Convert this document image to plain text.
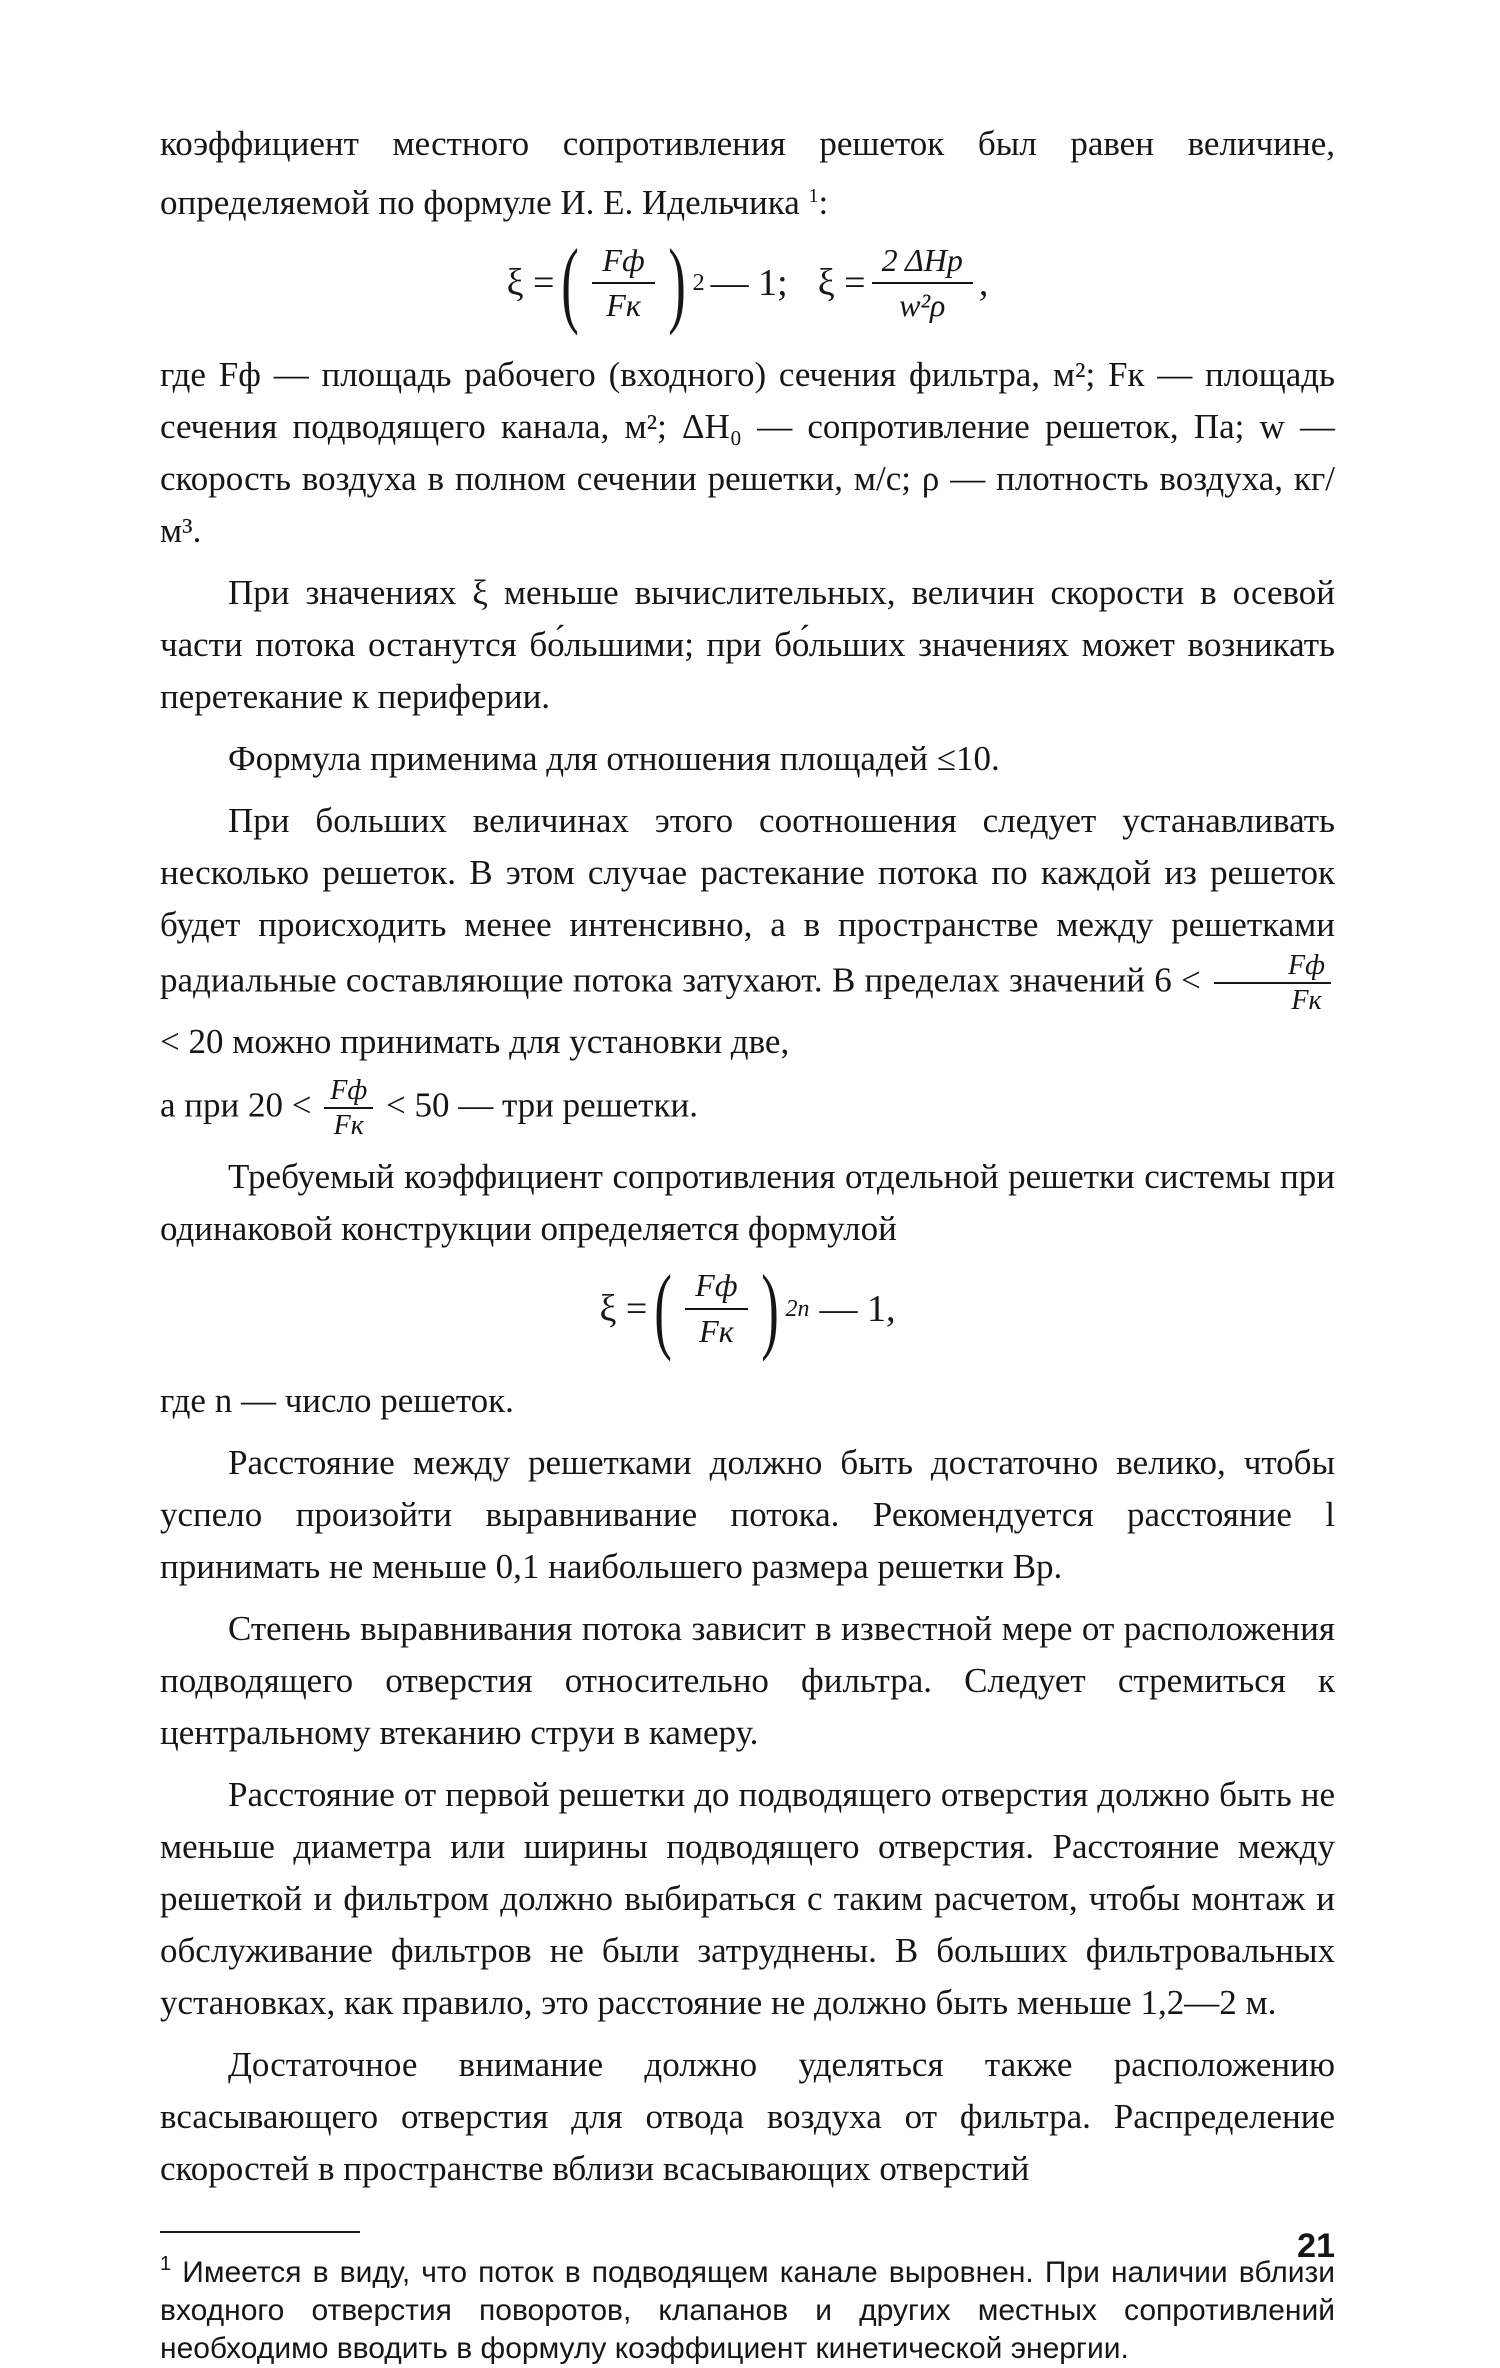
коэффициент местного сопротивления решеток был равен величине, определяемой по формуле И. Е. Идельчика $^1$:

ξ = ( $\frac{Fф}{Fк}$ ) 2 — 1; $\xi = \frac{\text{2 ΔHр}}{\text{w²ρ}}$ ,

где Fф — площадь рабочего (входного) сечения фильтра, м²; Fк — площадь сечения подводящего канала, м²; ΔH₀ — сопротивление решеток, Па; w — скорость воздуха в полном сечении решетки, м/с; ρ — плотность воздуха, кг/м³.

При значениях ξ меньше вычислительных, величин скорости в осевой части потока останутся бо́льшими; при бо́льших значениях может возникать перетекание к периферии.

Формула применима для отношения площадей ≤10.

При больших величинах этого соотношения следует устанавливать несколько решеток. В этом случае растекание потока по каждой из решеток будет происходить менее интенсивно, а в пространстве между решетками радиальные составляющие потока затухают. В пределах значений $6 < \frac{Fф}{Fк}$
< 20 можно принимать для установки две,

а при $20 < \frac{Fф}{Fк} < 50$ — три решетки.

Требуемый коэффициент сопротивления отдельной решетки системы при одинаковой конструкции определяется формулой

ξ = ( $\frac{Fф}{Fк}$ ) 2n — 1,

где n — число решеток.

Расстояние между решетками должно быть достаточно велико, чтобы успело произойти выравнивание потока. Рекомендуется расстояние l принимать не меньше 0,1 наибольшего размера решетки Bр.

Степень выравнивания потока зависит в известной мере от расположения подводящего отверстия относительно фильтра. Следует стремиться к центральному втеканию струи в камеру.

Расстояние от первой решетки до подводящего отверстия должно быть не меньше диаметра или ширины подводящего отверстия. Расстояние между решеткой и фильтром должно выбираться с таким расчетом, чтобы монтаж и обслуживание фильтров не были затруднены. В больших фильтровальных установках, как правило, это расстояние не должно быть меньше 1,2—2 м.

Достаточное внимание должно уделяться также расположению всасывающего отверстия для отвода воздуха от фильтра. Распределение скоростей в пространстве вблизи всасывающих отверстий

$^1$ Имеется в виду, что поток в подводящем канале выровнен. При наличии вблизи входного отверстия поворотов, клапанов и других местных сопротивлений необходимо вводить в формулу коэффициент кинетической энергии.

21
